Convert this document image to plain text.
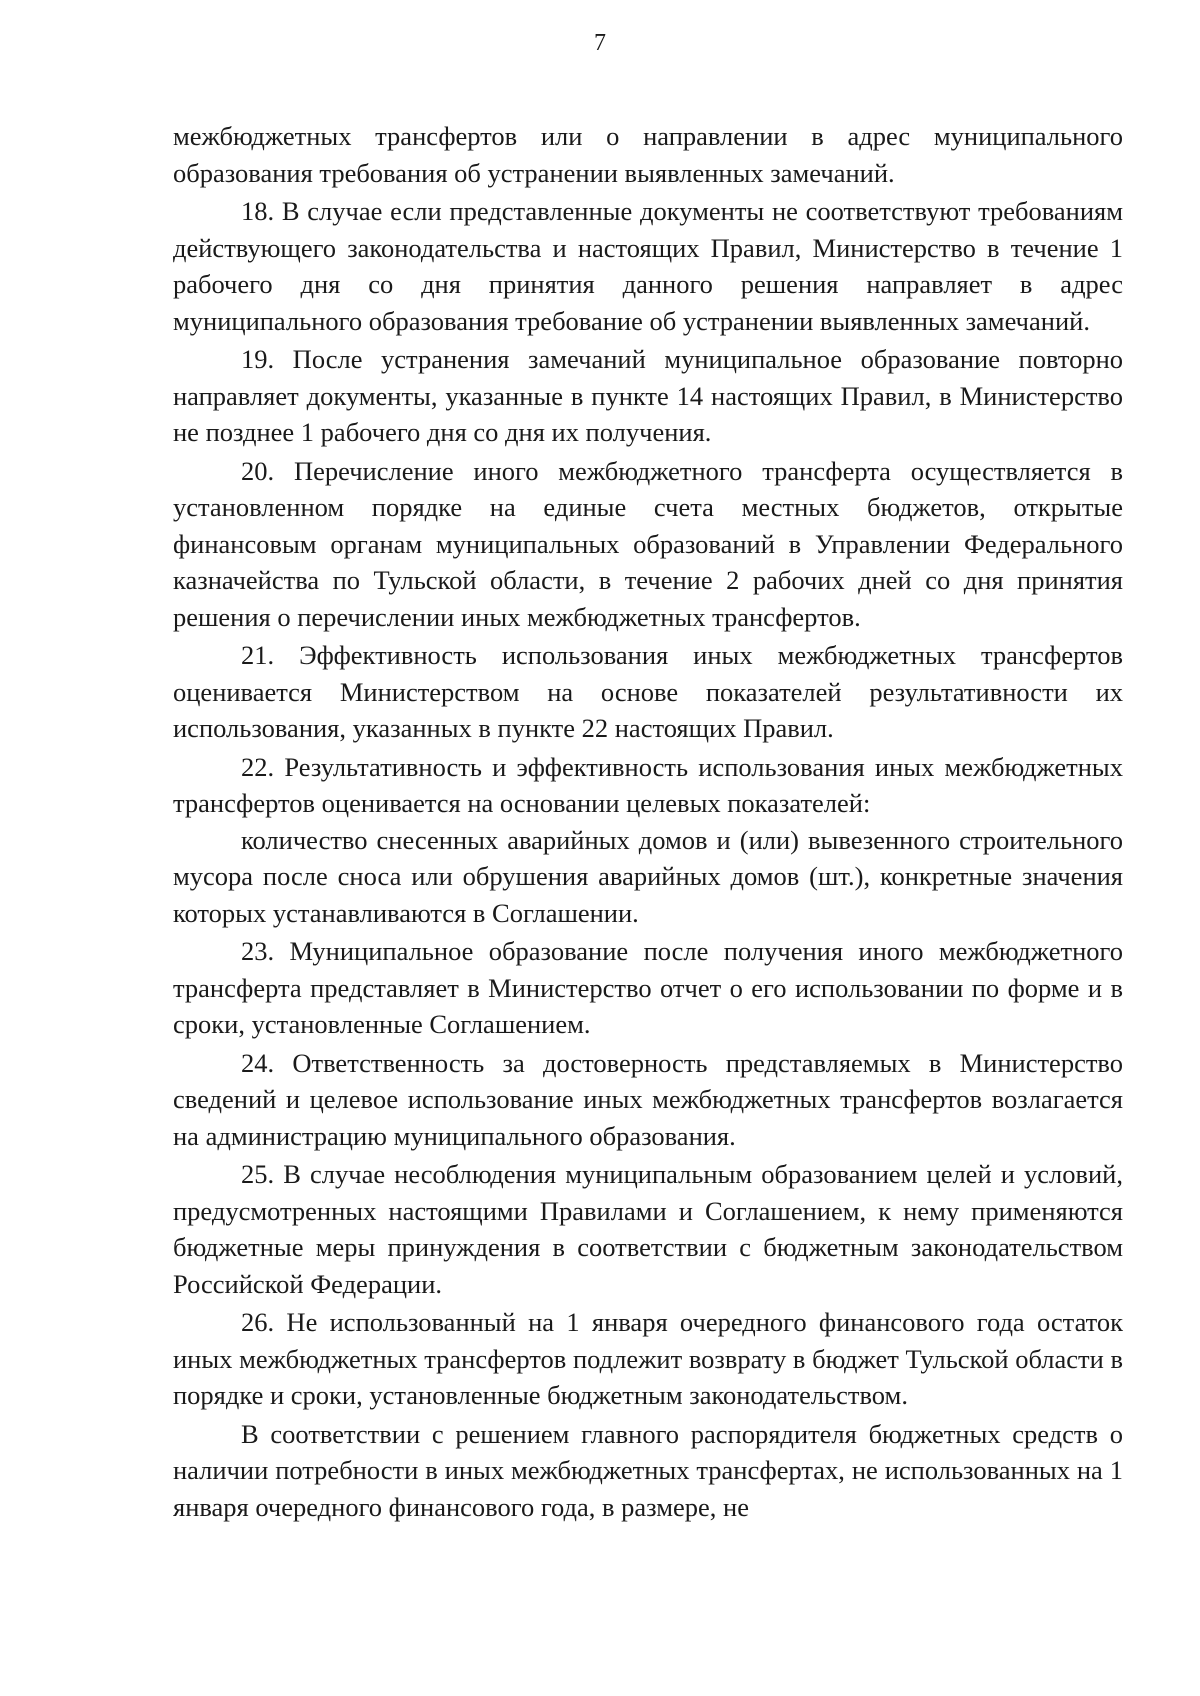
7

межбюджетных трансфертов или о направлении в адрес муниципального образования требования об устранении выявленных замечаний.

18. В случае если представленные документы не соответствуют требованиям действующего законодательства и настоящих Правил, Министерство в течение 1 рабочего дня со дня принятия данного решения направляет в адрес муниципального образования требование об устранении выявленных замечаний.

19. После устранения замечаний муниципальное образование повторно направляет документы, указанные в пункте 14 настоящих Правил, в Министерство не позднее 1 рабочего дня со дня их получения.

20. Перечисление иного межбюджетного трансферта осуществляется в установленном порядке на единые счета местных бюджетов, открытые финансовым органам муниципальных образований в Управлении Федерального казначейства по Тульской области, в течение 2 рабочих дней со дня принятия решения о перечислении иных межбюджетных трансфертов.

21. Эффективность использования иных межбюджетных трансфертов оценивается Министерством на основе показателей результативности их использования, указанных в пункте 22 настоящих Правил.

22. Результативность и эффективность использования иных межбюджетных трансфертов оценивается на основании целевых показателей:

количество снесенных аварийных домов и (или) вывезенного строительного мусора после сноса или обрушения аварийных домов (шт.), конкретные значения которых устанавливаются в Соглашении.

23. Муниципальное образование после получения иного межбюджетного трансферта представляет в Министерство отчет о его использовании по форме и в сроки, установленные Соглашением.

24. Ответственность за достоверность представляемых в Министерство сведений и целевое использование иных межбюджетных трансфертов возлагается на администрацию муниципального образования.

25. В случае несоблюдения муниципальным образованием целей и условий, предусмотренных настоящими Правилами и Соглашением, к нему применяются бюджетные меры принуждения в соответствии с бюджетным законодательством Российской Федерации.

26. Не использованный на 1 января очередного финансового года остаток иных межбюджетных трансфертов подлежит возврату в бюджет Тульской области в порядке и сроки, установленные бюджетным законодательством.

В соответствии с решением главного распорядителя бюджетных средств о наличии потребности в иных межбюджетных трансфертах, не использованных на 1 января очередного финансового года, в размере, не
